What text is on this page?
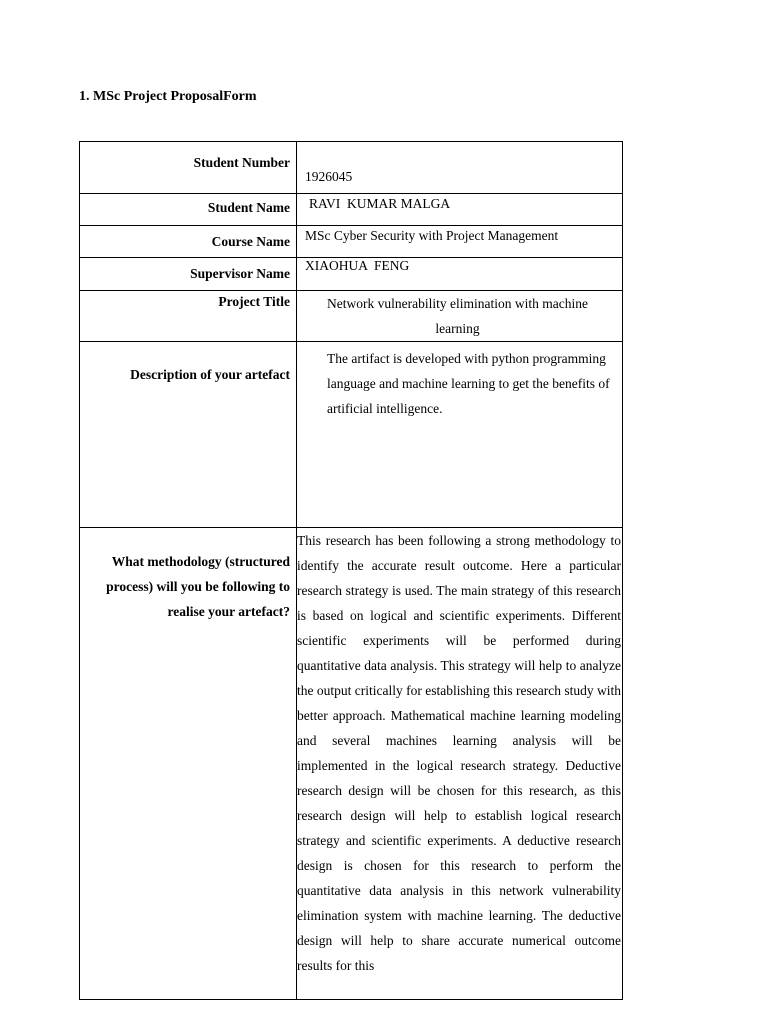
1. MSc Project ProposalForm
Student Number	1926045
Student Name	RAVI  KUMAR MALGA
Course Name	MSc Cyber Security with Project Management
Supervisor Name	XIAOHUA  FENG
Project Title	Network vulnerability elimination with machine learning
Description of your artefact	The artifact is developed with python programming language and machine learning to get the benefits of artificial intelligence.
What methodology (structured process) will you be following to realise your artefact?	This research has been following a strong methodology to identify the accurate result outcome. Here a particular research strategy is used. The main strategy of this research is based on logical and scientific experiments. Different scientific experiments will be performed during quantitative data analysis. This strategy will help to analyze the output critically for establishing this research study with better approach. Mathematical machine learning modeling and several machines learning analysis will be implemented in the logical research strategy. Deductive research design will be chosen for this research, as this research design will help to establish logical research strategy and scientific experiments. A deductive research design is chosen for this research to perform the quantitative data analysis in this network vulnerability elimination system with machine learning. The deductive design will help to share accurate numerical outcome results for this
